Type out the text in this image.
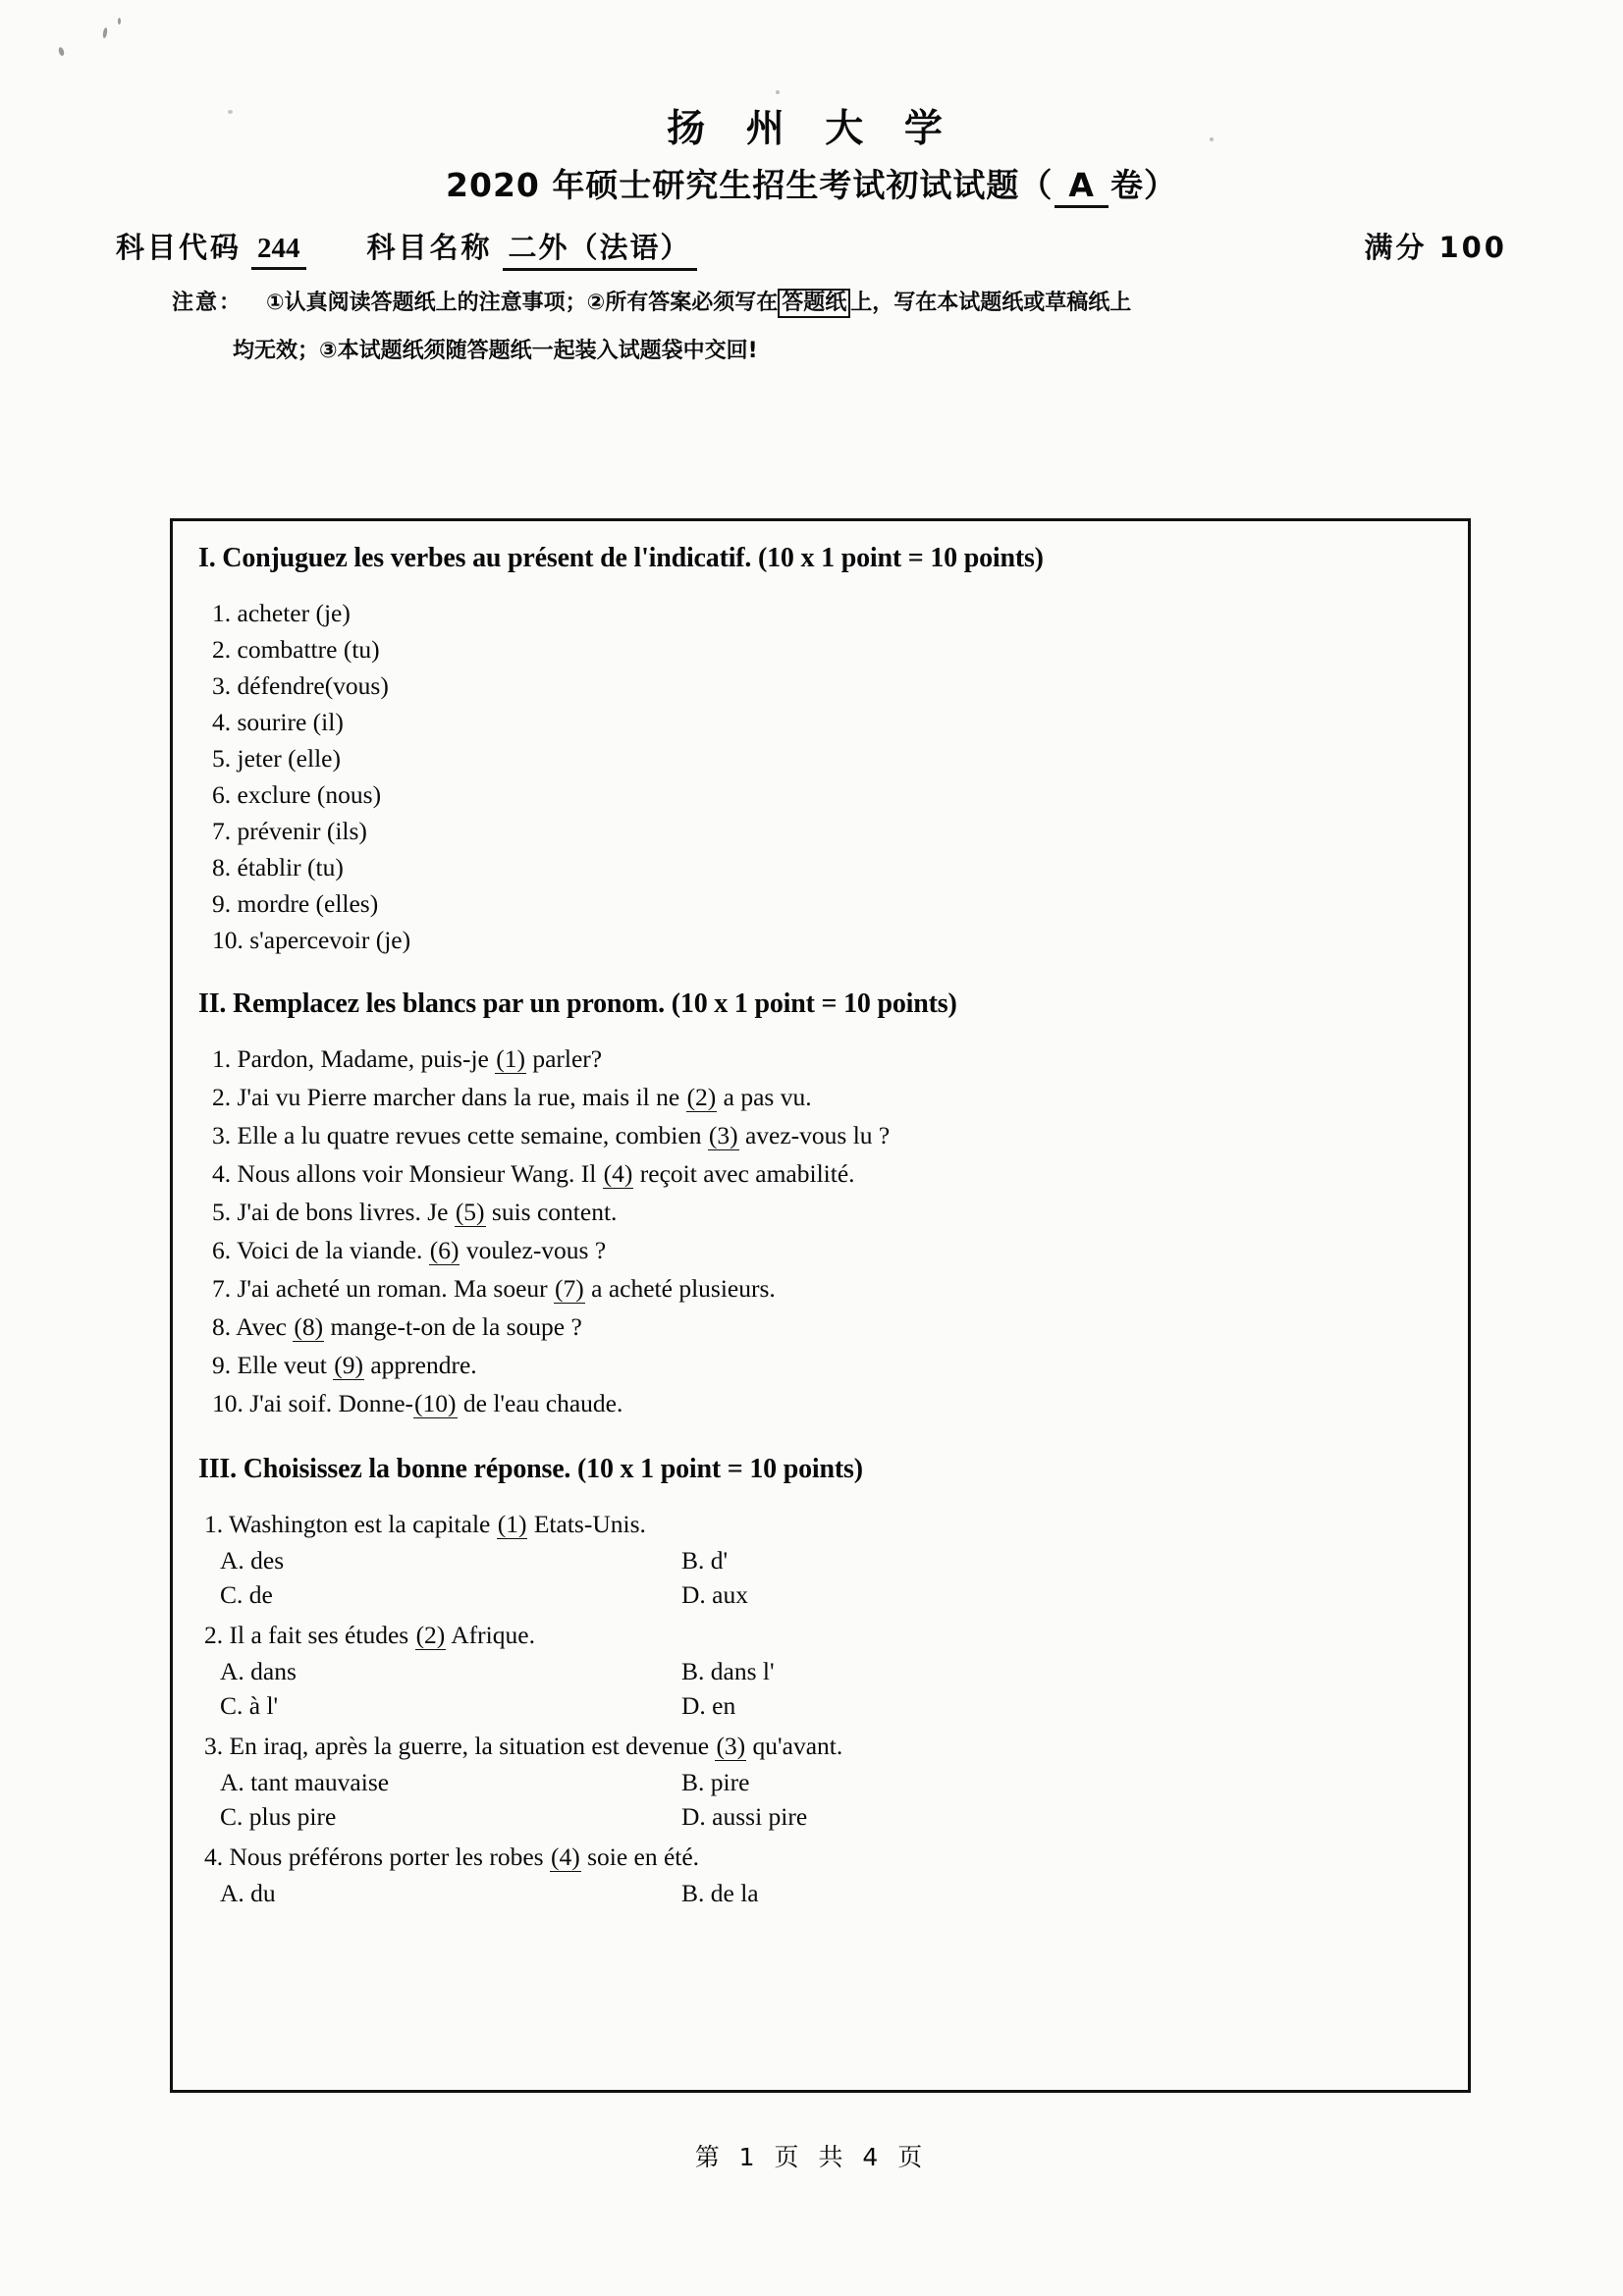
扬 州 大 学
2020 年硕士研究生招生考试初试试题（ A 卷）
科目代码 244 科目名称 二外（法语）	满分 100
注意： ①认真阅读答题纸上的注意事项；②所有答案必须写在 答题纸 上，写在本试题纸或草稿纸上
均无效；③本试题纸须随答题纸一起装入试题袋中交回!
I. Conjuguez les verbes au présent de l'indicatif. (10 x 1 point = 10 points)
1. acheter (je)
2. combattre (tu)
3. défendre(vous)
4. sourire (il)
5. jeter (elle)
6. exclure (nous)
7. prévenir (ils)
8. établir (tu)
9. mordre (elles)
10. s'apercevoir (je)
II. Remplacez les blancs par un pronom. (10 x 1 point = 10 points)
1. Pardon, Madame, puis-je (1) parler?
2. J'ai vu Pierre marcher dans la rue, mais il ne (2) a pas vu.
3. Elle a lu quatre revues cette semaine, combien (3) avez-vous lu ?
4. Nous allons voir Monsieur Wang. Il (4) reçoit avec amabilité.
5. J'ai de bons livres. Je (5) suis content.
6. Voici de la viande. (6) voulez-vous ?
7. J'ai acheté un roman. Ma soeur (7) a acheté plusieurs.
8. Avec (8) mange-t-on de la soupe ?
9. Elle veut (9) apprendre.
10. J'ai soif. Donne-(10) de l'eau chaude.
III. Choisissez la bonne réponse. (10 x 1 point = 10 points)
1. Washington est la capitale (1) Etats-Unis.
A. des	B. d'
C. de	D. aux
2. Il a fait ses études (2) Afrique.
A. dans	B. dans l'
C. à l'	D. en
3. En iraq, après la guerre, la situation est devenue (3) qu'avant.
A. tant mauvaise	B. pire
C. plus pire	D. aussi pire
4. Nous préférons porter les robes (4) soie en été.
A. du	B. de la
第 1 页 共 4 页
